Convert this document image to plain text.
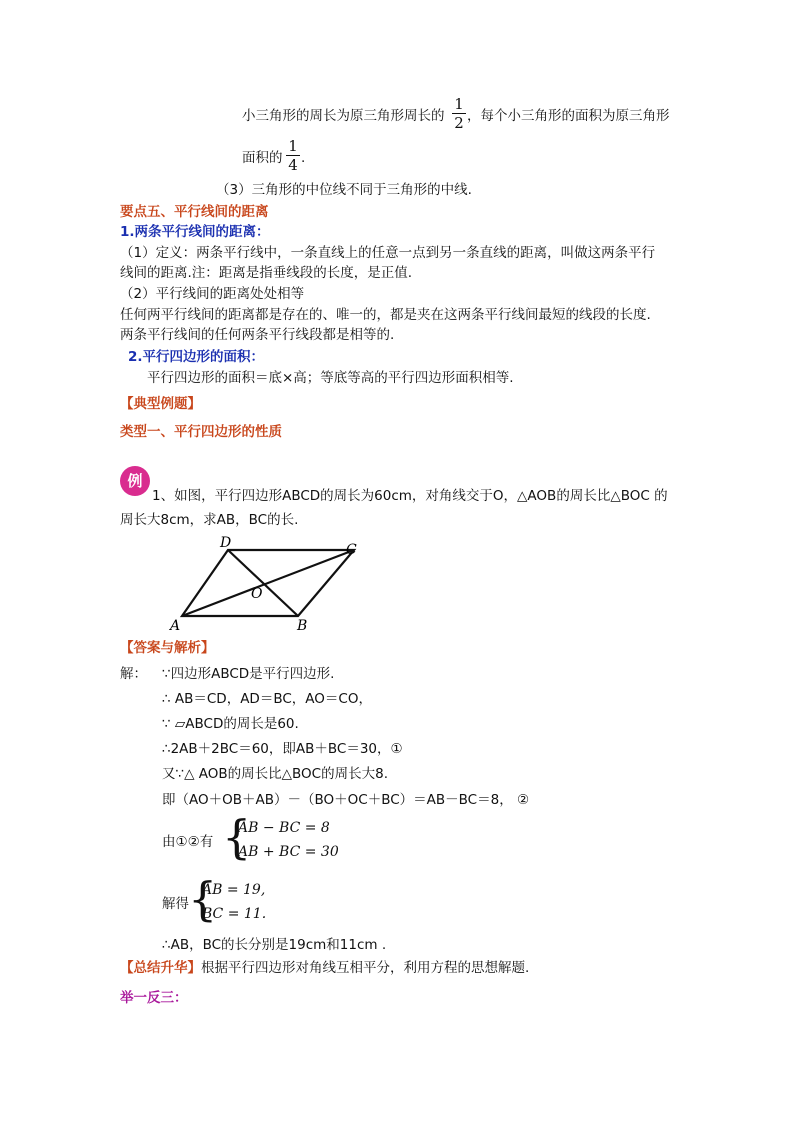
小三角形的周长为原三角形周长的
1
2 ，每个小三角形的面积为原三角形
面积的
1
4 .
（3）三角形的中位线不同于三角形的中线.
要点五、平行线间的距离
1.两条平行线间的距离：
（1）定义：两条平行线中，一条直线上的任意一点到另一条直线的距离，叫做这两条平行
线间的距离.注：距离是指垂线段的长度，是正值.
（2）平行线间的距离处处相等
任何两平行线间的距离都是存在的、唯一的，都是夹在这两条平行线间最短的线段的长度.
两条平行线间的任何两条平行线段都是相等的.
2.平行四边形的面积：
平行四边形的面积＝底×高；等底等高的平行四边形面积相等.
【典型例题】
类型一、平行四边形的性质
例
1、如图，平行四边形ABCD的周长为60cm，对角线交于O，△AOB的周长比△BOC 的
周长大8cm，求AB，BC的长.
A	B
C
D
O
【答案与解析】
解： ∵四边形ABCD是平行四边形.
∴ AB＝CD，AD＝BC，AO＝CO，
∵ ▱ABCD的周长是60.
∴2AB＋2BC＝60，即AB＋BC＝30，①
又∵△ AOB的周长比△BOC的周长大8.
即（AO＋OB＋AB）－（BO＋OC＋BC）＝AB－BC＝8， ②
由①②有 {
AB − BC = 8
AB + BC = 30
解得 {
AB = 19,
BC = 11.
∴AB，BC的长分别是19cm和11cm .
【总结升华】根据平行四边形对角线互相平分，利用方程的思想解题.
举一反三：
